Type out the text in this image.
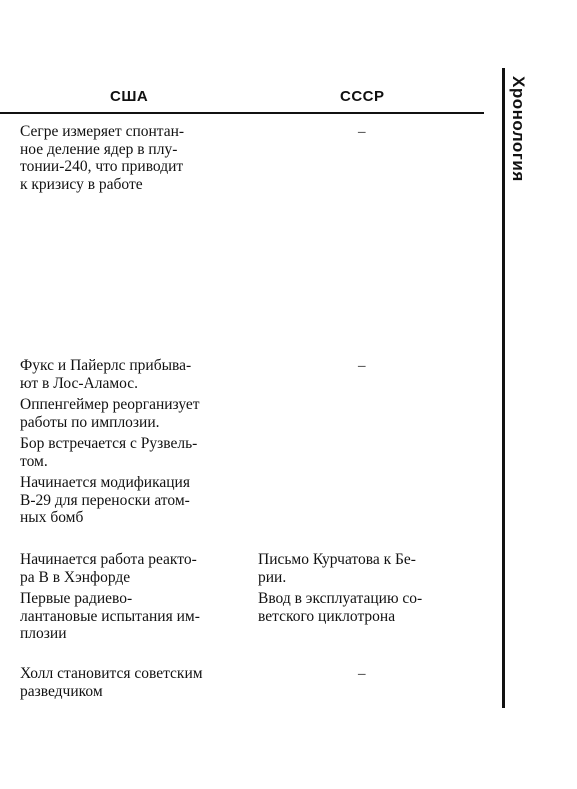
США	СССР	Хронология

Сегре измеряет спонтан-
ное деление ядер в плу-
тонии-240, что приводит
к кризису в работе

–

Фукс и Пайерлс прибыва-
ют в Лос-Аламос.

Оппенгеймер реорганизует
работы по имплозии.

Бор встречается с Рузвель-
том.

Начинается модификация
B-29 для переноски атом-
ных бомб

–

Начинается работа реакто-
ра В в Хэнфорде

Первые радиево-
лантановые испытания им-
плозии

Письмо Курчатова к Бе-
рии.

Ввод в эксплуатацию со-
ветского циклотрона

Холл становится советским
разведчиком

–
